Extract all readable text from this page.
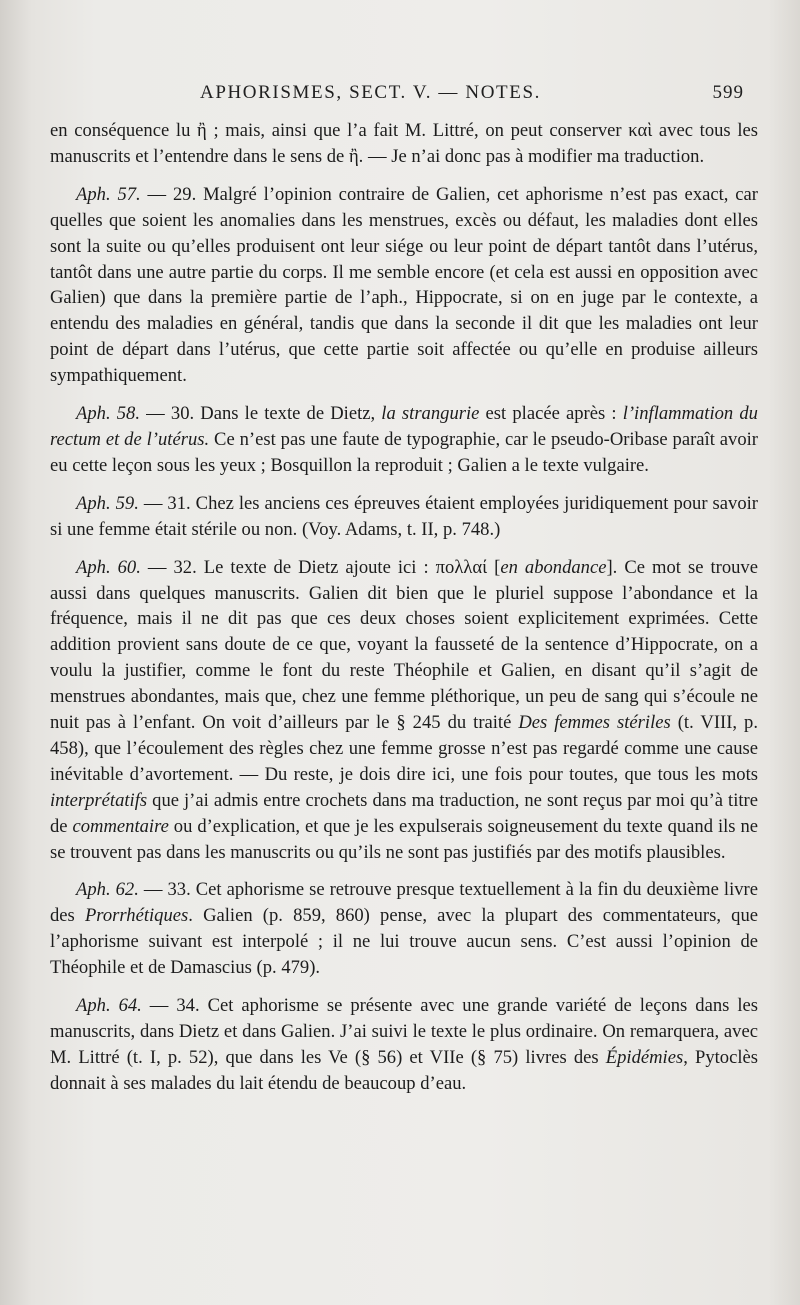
APHORISMES, SECT. V. — NOTES.	599

en conséquence lu ἢ ; mais, ainsi que l’a fait M. Littré, on peut conserver καὶ avec tous les manuscrits et l’entendre dans le sens de ἢ. — Je n’ai donc pas à modifier ma traduction.

Aph. 57. — 29. Malgré l’opinion contraire de Galien, cet aphorisme n’est pas exact, car quelles que soient les anomalies dans les menstrues, excès ou défaut, les maladies dont elles sont la suite ou qu’elles produisent ont leur siége ou leur point de départ tantôt dans l’utérus, tantôt dans une autre partie du corps. Il me semble encore (et cela est aussi en opposition avec Galien) que dans la première partie de l’aph., Hippocrate, si on en juge par le contexte, a entendu des maladies en général, tandis que dans la seconde il dit que les maladies ont leur point de départ dans l’utérus, que cette partie soit affectée ou qu’elle en produise ailleurs sympathiquement.

Aph. 58. — 30. Dans le texte de Dietz, la strangurie est placée après : l’inflammation du rectum et de l’utérus. Ce n’est pas une faute de typographie, car le pseudo-Oribase paraît avoir eu cette leçon sous les yeux ; Bosquillon la reproduit ; Galien a le texte vulgaire.

Aph. 59. — 31. Chez les anciens ces épreuves étaient employées juridiquement pour savoir si une femme était stérile ou non. (Voy. Adams, t. II, p. 748.)

Aph. 60. — 32. Le texte de Dietz ajoute ici : πολλαί [en abondance]. Ce mot se trouve aussi dans quelques manuscrits. Galien dit bien que le pluriel suppose l’abondance et la fréquence, mais il ne dit pas que ces deux choses soient explicitement exprimées. Cette addition provient sans doute de ce que, voyant la fausseté de la sentence d’Hippocrate, on a voulu la justifier, comme le font du reste Théophile et Galien, en disant qu’il s’agit de menstrues abondantes, mais que, chez une femme pléthorique, un peu de sang qui s’écoule ne nuit pas à l’enfant. On voit d’ailleurs par le § 245 du traité Des femmes stériles (t. VIII, p. 458), que l’écoulement des règles chez une femme grosse n’est pas regardé comme une cause inévitable d’avortement. — Du reste, je dois dire ici, une fois pour toutes, que tous les mots interprétatifs que j’ai admis entre crochets dans ma traduction, ne sont reçus par moi qu’à titre de commentaire ou d’explication, et que je les expulserais soigneusement du texte quand ils ne se trouvent pas dans les manuscrits ou qu’ils ne sont pas justifiés par des motifs plausibles.

Aph. 62. — 33. Cet aphorisme se retrouve presque textuellement à la fin du deuxième livre des Prorrhétiques. Galien (p. 859, 860) pense, avec la plupart des commentateurs, que l’aphorisme suivant est interpolé ; il ne lui trouve aucun sens. C’est aussi l’opinion de Théophile et de Damascius (p. 479).

Aph. 64. — 34. Cet aphorisme se présente avec une grande variété de leçons dans les manuscrits, dans Dietz et dans Galien. J’ai suivi le texte le plus ordinaire. On remarquera, avec M. Littré (t. I, p. 52), que dans les Ve (§ 56) et VIIe (§ 75) livres des Épidémies, Pytoclès donnait à ses malades du lait étendu de beaucoup d’eau.
